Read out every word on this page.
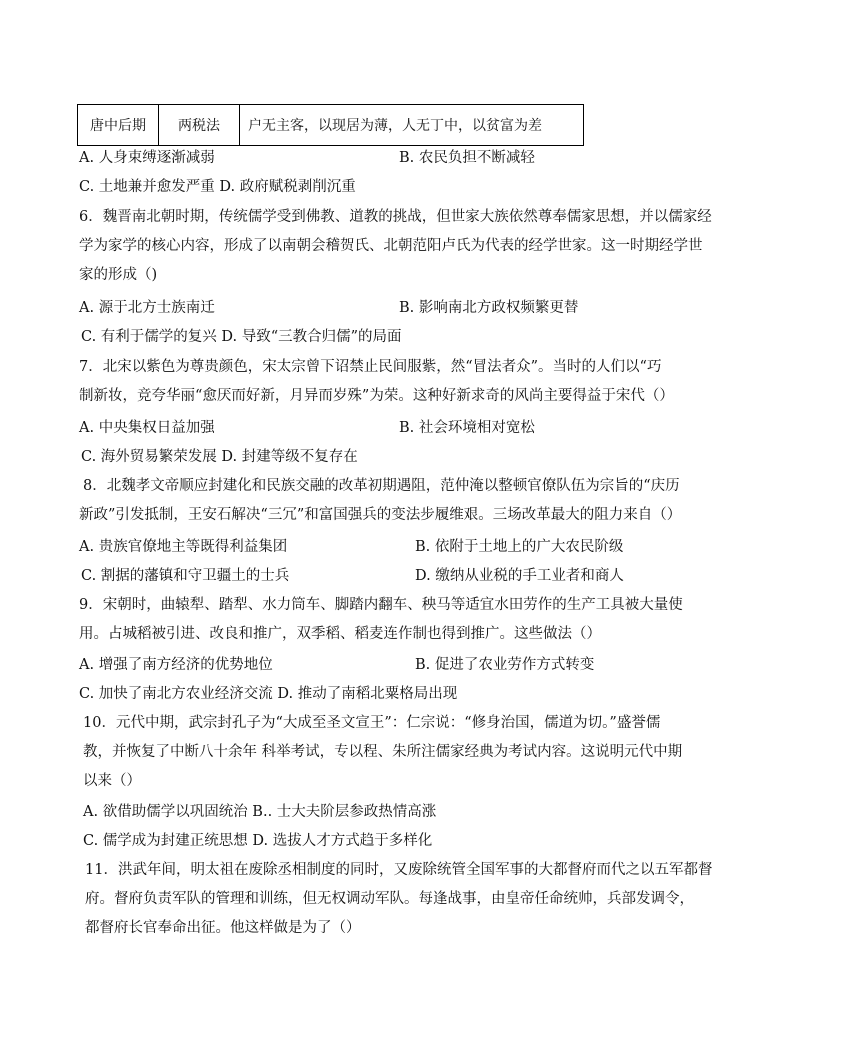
唐中后期	两税法	户无主客，以现居为薄，人无丁中，以贫富为差
A. 人身束缚逐渐减弱	B. 农民负担不断减轻
C. 土地兼并愈发严重 D. 政府赋税剥削沉重
6．魏晋南北朝时期，传统儒学受到佛教、道教的挑战，但世家大族依然尊奉儒家思想，并以儒家经
学为家学的核心内容，形成了以南朝会稽贺氏、北朝范阳卢氏为代表的经学世家。这一时期经学世
家的形成（)
A. 源于北方士族南迁	B. 影响南北方政权频繁更替
C. 有利于儒学的复兴 D. 导致“三教合归儒”的局面
7．北宋以紫色为尊贵颜色，宋太宗曾下诏禁止民间服紫，然“冒法者众”。当时的人们以“巧
制新妆，竞夸华丽“愈厌而好新，月异而岁殊”为荣。这种好新求奇的风尚主要得益于宋代（）
A. 中央集权日益加强	B. 社会环境相对宽松
C. 海外贸易繁荣发展 D. 封建等级不复存在
8．北魏孝文帝顺应封建化和民族交融的改革初期遇阻，范仲淹以整顿官僚队伍为宗旨的“庆历
新政”引发抵制，王安石解决“三冗”和富国强兵的变法步履维艰。三场改革最大的阻力来自（）
A. 贵族官僚地主等既得利益集团	B. 依附于土地上的广大农民阶级
C. 割据的藩镇和守卫疆土的士兵	D. 缴纳从业税的手工业者和商人
9．宋朝时，曲辕犁、踏犁、水力筒车、脚踏内翻车、秧马等适宜水田劳作的生产工具被大量使
用。占城稻被引进、改良和推广，双季稻、稻麦连作制也得到推广。这些做法（）
A. 增强了南方经济的优势地位	B. 促进了农业劳作方式转变
C. 加快了南北方农业经济交流 D. 推动了南稻北粟格局出现
10．元代中期，武宗封孔子为“大成至圣文宣王”：仁宗说：“修身治国，儒道为切。”盛誉儒
教，并恢复了中断八十余年 科举考试，专以程、朱所注儒家经典为考试内容。这说明元代中期
以来（）
A. 欲借助儒学以巩固统治 B.. 士大夫阶层参政热情高涨
C. 儒学成为封建正统思想 D. 选拔人才方式趋于多样化
11．洪武年间，明太祖在废除丞相制度的同时，又废除统管全国军事的大都督府而代之以五军都督
府。督府负责军队的管理和训练，但无权调动军队。每逢战事，由皇帝任命统帅，兵部发调令，
都督府长官奉命出征。他这样做是为了（）
